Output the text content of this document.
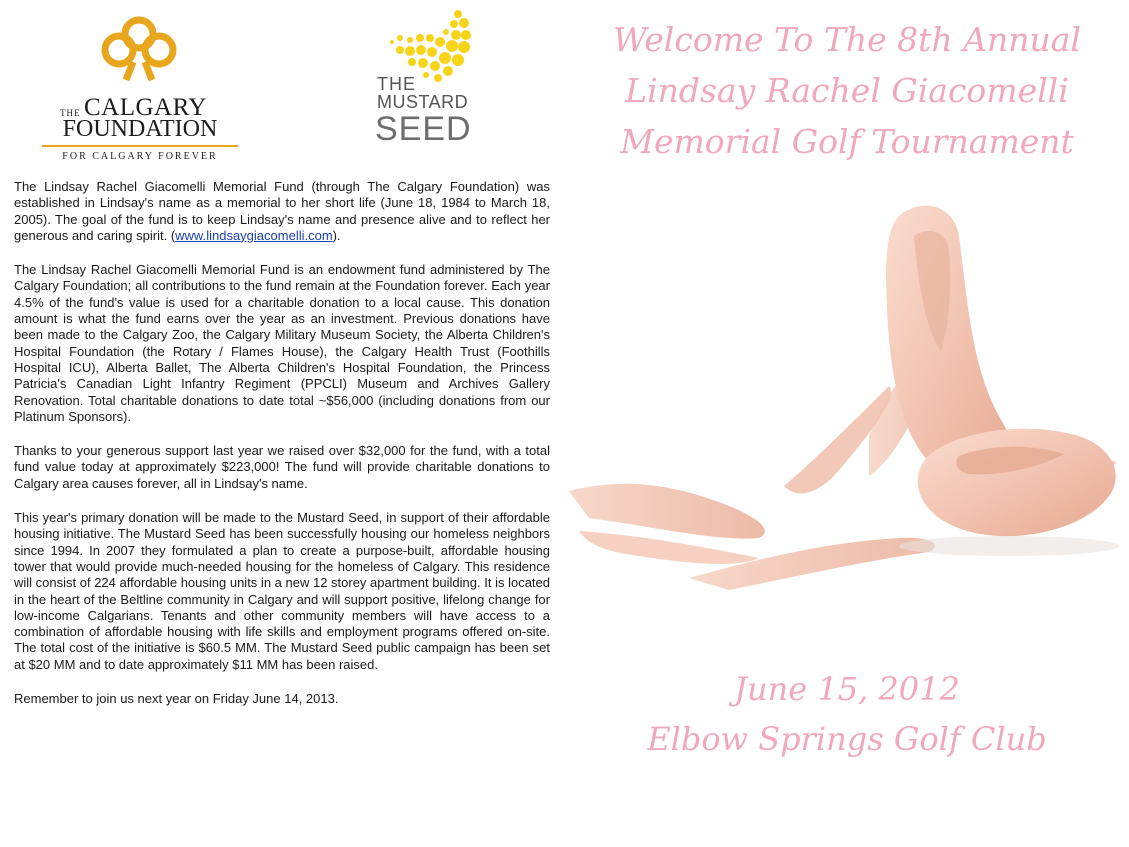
THE CALGARY
FOUNDATION
FOR CALGARY FOREVER
THE
MUSTARD
SEED

The Lindsay Rachel Giacomelli Memorial Fund (through The Calgary Foundation) was established in Lindsay's name as a memorial to her short life (June 18, 1984 to March 18, 2005). The goal of the fund is to keep Lindsay's name and presence alive and to reflect her generous and caring spirit. (www.lindsaygiacomelli.com).

The Lindsay Rachel Giacomelli Memorial Fund is an endowment fund administered by The Calgary Foundation; all contributions to the fund remain at the Foundation forever. Each year 4.5% of the fund's value is used for a charitable donation to a local cause. This donation amount is what the fund earns over the year as an investment. Previous donations have been made to the Calgary Zoo, the Calgary Military Museum Society, the Alberta Children's Hospital Foundation (the Rotary / Flames House), the Calgary Health Trust (Foothills Hospital ICU), Alberta Ballet, The Alberta Children's Hospital Foundation, the Princess Patricia's Canadian Light Infantry Regiment (PPCLI) Museum and Archives Gallery Renovation. Total charitable donations to date total ~$56,000 (including donations from our Platinum Sponsors).

Thanks to your generous support last year we raised over $32,000 for the fund, with a total fund value today at approximately $223,000! The fund will provide charitable donations to Calgary area causes forever, all in Lindsay's name.

This year's primary donation will be made to the Mustard Seed, in support of their affordable housing initiative. The Mustard Seed has been successfully housing our homeless neighbors since 1994. In 2007 they formulated a plan to create a purpose-built, affordable housing tower that would provide much-needed housing for the homeless of Calgary. This residence will consist of 224 affordable housing units in a new 12 storey apartment building. It is located in the heart of the Beltline community in Calgary and will support positive, lifelong change for low-income Calgarians. Tenants and other community members will have access to a combination of affordable housing with life skills and employment programs offered on-site. The total cost of the initiative is $60.5 MM. The Mustard Seed public campaign has been set at $20 MM and to date approximately $11 MM has been raised.

Remember to join us next year on Friday June 14, 2013.

Welcome To The 8th Annual
Lindsay Rachel Giacomelli
Memorial Golf Tournament
June 15, 2012
Elbow Springs Golf Club
